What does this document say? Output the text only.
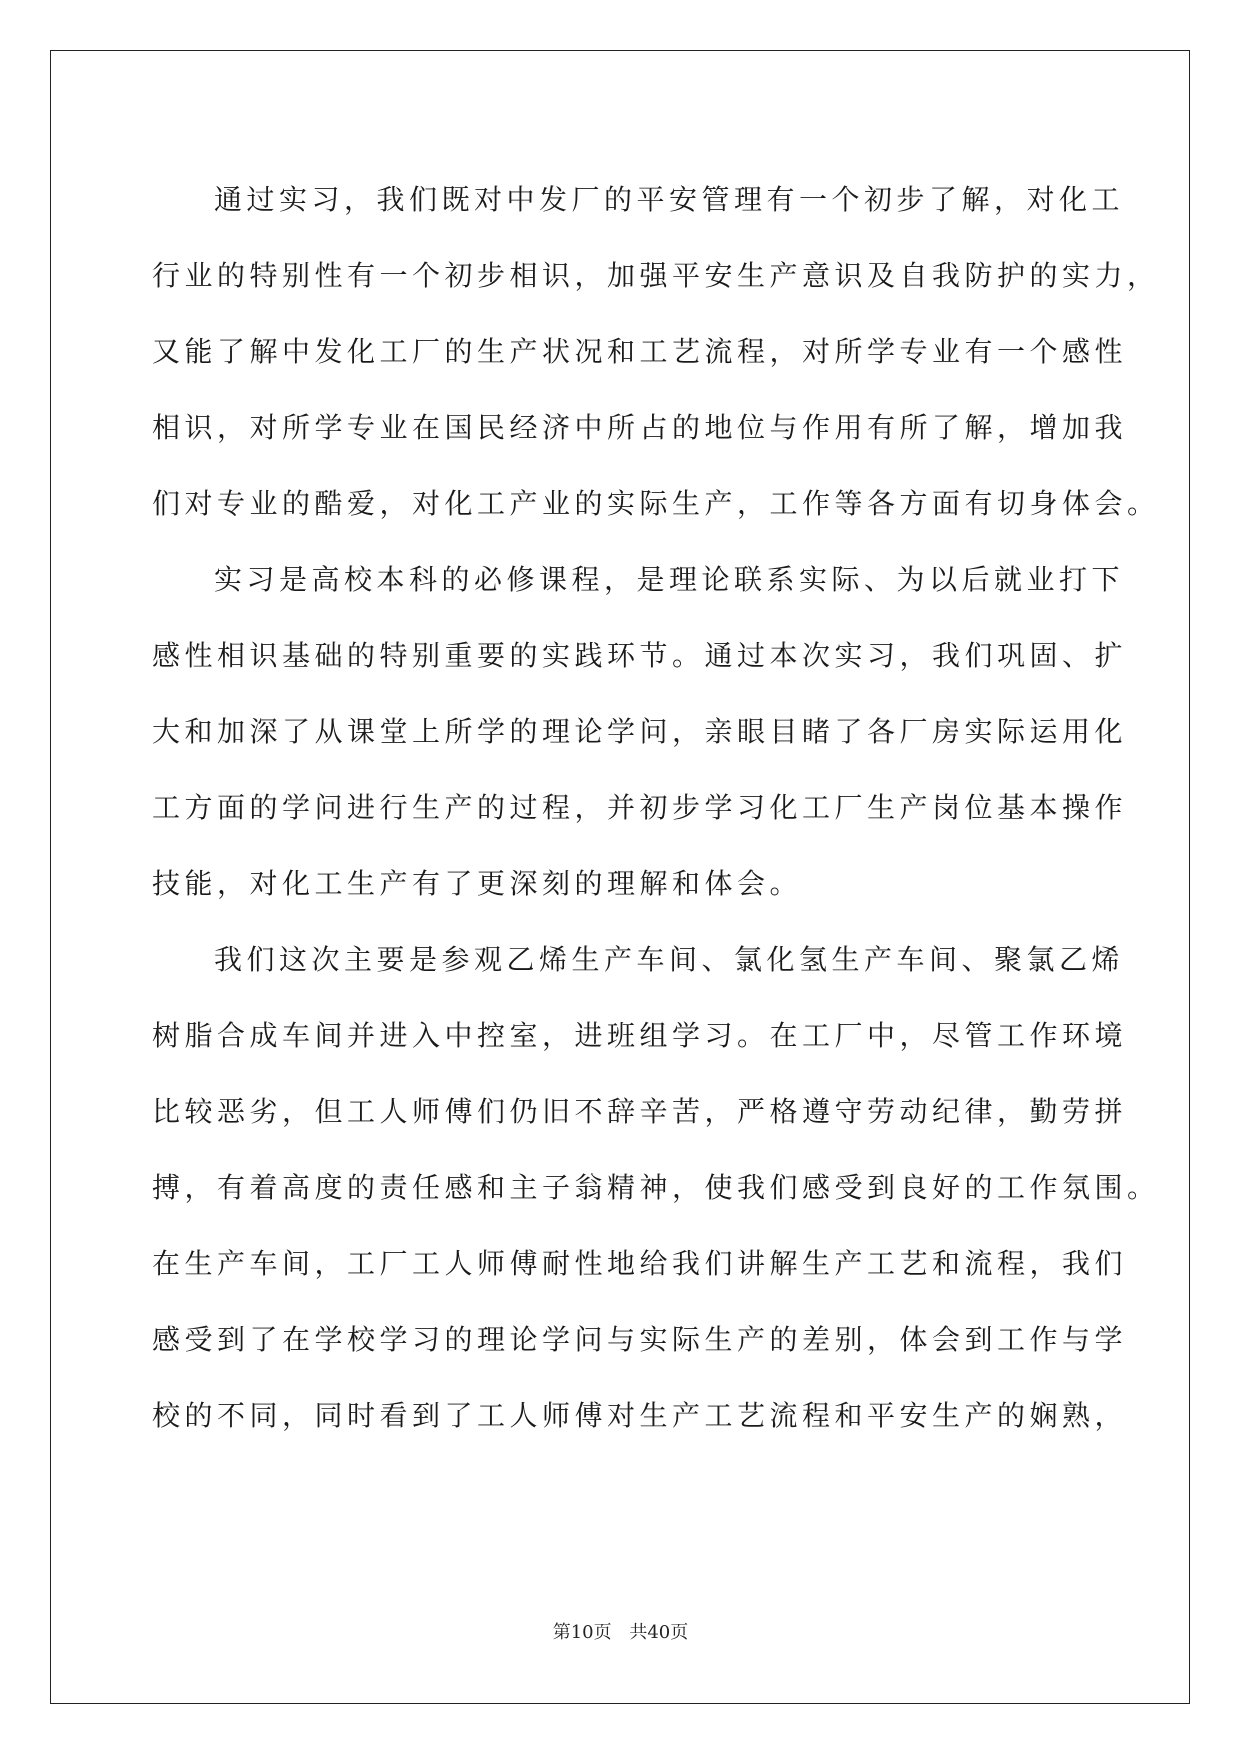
通过实习，我们既对中发厂的平安管理有一个初步了解，对化工
行业的特别性有一个初步相识，加强平安生产意识及自我防护的实力，
又能了解中发化工厂的生产状况和工艺流程，对所学专业有一个感性
相识，对所学专业在国民经济中所占的地位与作用有所了解，增加我
们对专业的酷爱，对化工产业的实际生产，工作等各方面有切身体会。
实习是高校本科的必修课程，是理论联系实际、为以后就业打下
感性相识基础的特别重要的实践环节。通过本次实习，我们巩固、扩
大和加深了从课堂上所学的理论学问，亲眼目睹了各厂房实际运用化
工方面的学问进行生产的过程，并初步学习化工厂生产岗位基本操作
技能，对化工生产有了更深刻的理解和体会。
我们这次主要是参观乙烯生产车间、氯化氢生产车间、聚氯乙烯
树脂合成车间并进入中控室，进班组学习。在工厂中，尽管工作环境
比较恶劣，但工人师傅们仍旧不辞辛苦，严格遵守劳动纪律，勤劳拼
搏，有着高度的责任感和主子翁精神，使我们感受到良好的工作氛围。
在生产车间，工厂工人师傅耐性地给我们讲解生产工艺和流程，我们
感受到了在学校学习的理论学问与实际生产的差别，体会到工作与学
校的不同，同时看到了工人师傅对生产工艺流程和平安生产的娴熟，
第10页 共40页
